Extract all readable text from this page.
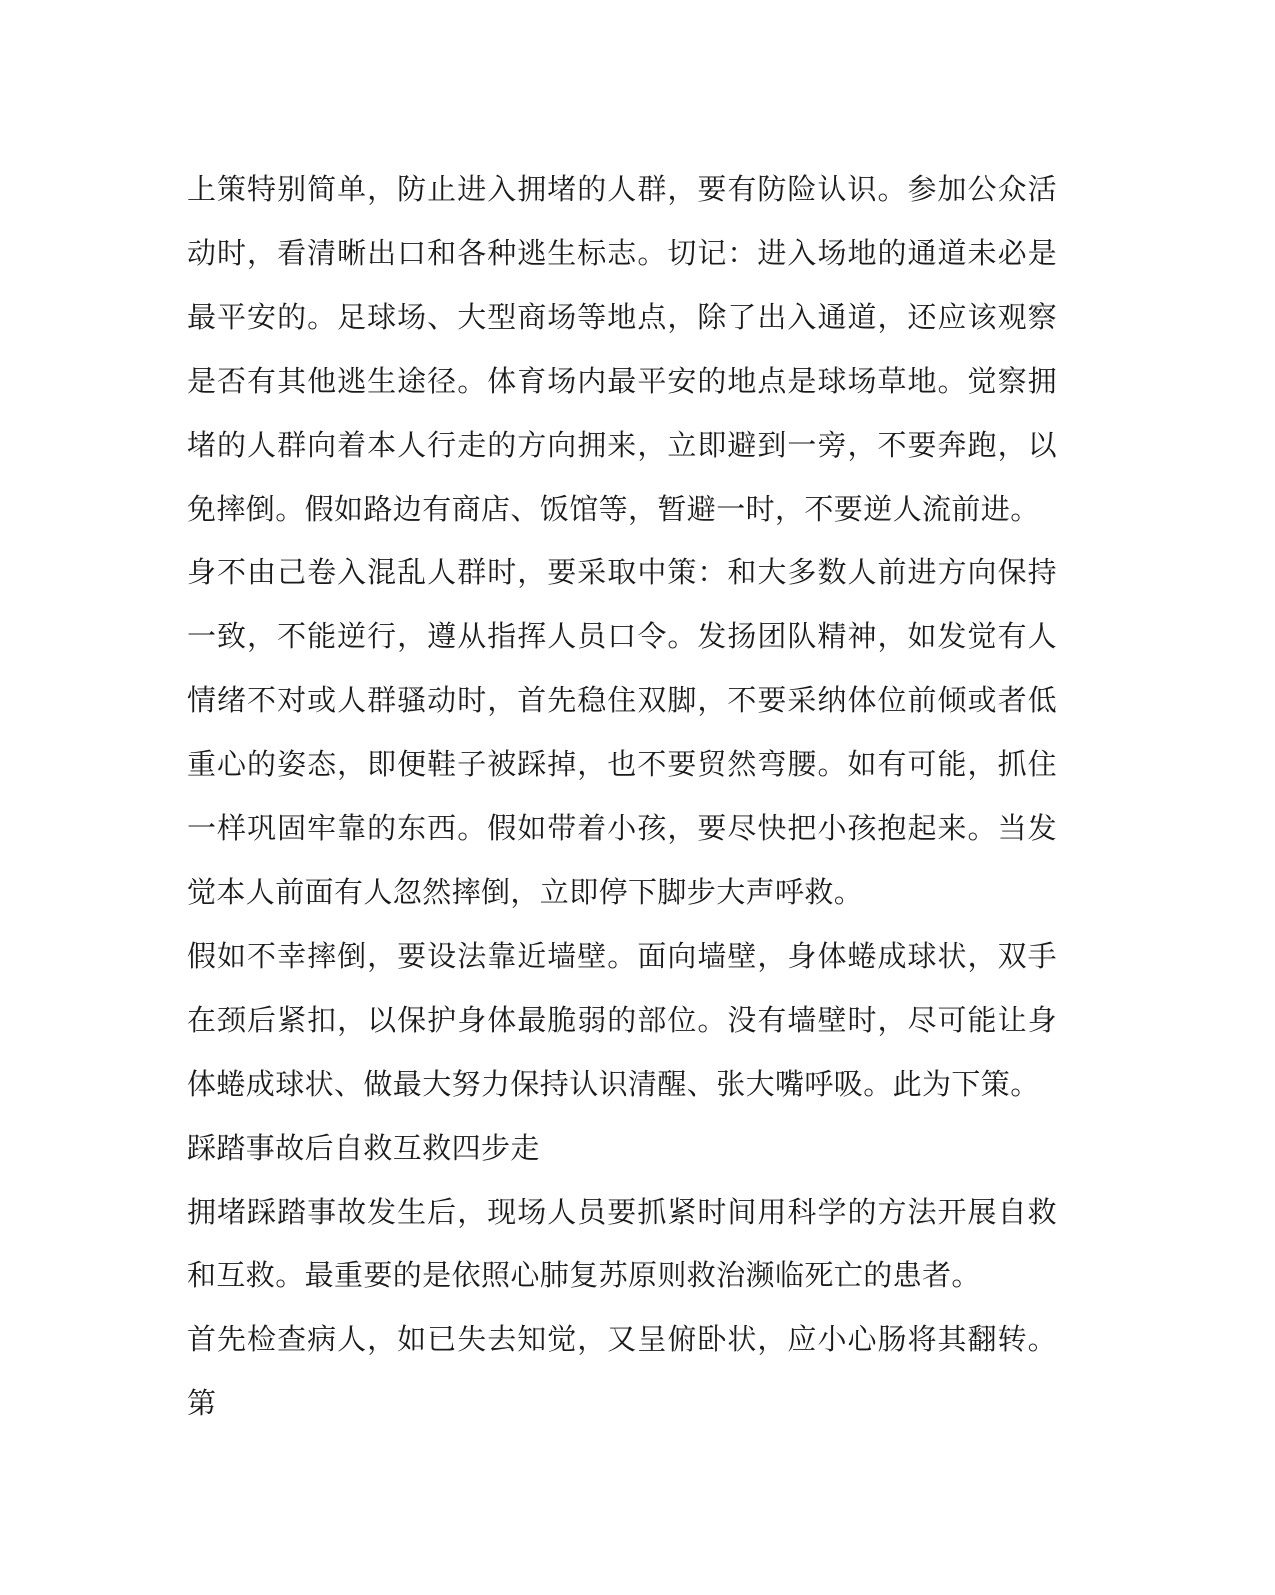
上策特别简单，防止进入拥堵的人群，要有防险认识。参加公众活动时，看清晰出口和各种逃生标志。切记：进入场地的通道未必是最平安的。足球场、大型商场等地点，除了出入通道，还应该观察是否有其他逃生途径。体育场内最平安的地点是球场草地。觉察拥堵的人群向着本人行走的方向拥来，立即避到一旁，不要奔跑，以免摔倒。假如路边有商店、饭馆等，暂避一时，不要逆人流前进。

身不由己卷入混乱人群时，要采取中策：和大多数人前进方向保持一致，不能逆行，遵从指挥人员口令。发扬团队精神，如发觉有人情绪不对或人群骚动时，首先稳住双脚，不要采纳体位前倾或者低重心的姿态，即便鞋子被踩掉，也不要贸然弯腰。如有可能，抓住一样巩固牢靠的东西。假如带着小孩，要尽快把小孩抱起来。当发觉本人前面有人忽然摔倒，立即停下脚步大声呼救。

假如不幸摔倒，要设法靠近墙壁。面向墙壁，身体蜷成球状，双手在颈后紧扣，以保护身体最脆弱的部位。没有墙壁时，尽可能让身体蜷成球状、做最大努力保持认识清醒、张大嘴呼吸。此为下策。

踩踏事故后自救互救四步走

拥堵踩踏事故发生后，现场人员要抓紧时间用科学的方法开展自救和互救。最重要的是依照心肺复苏原则救治濒临死亡的患者。

首先检查病人，如已失去知觉，又呈俯卧状，应小心肠将其翻转。第
